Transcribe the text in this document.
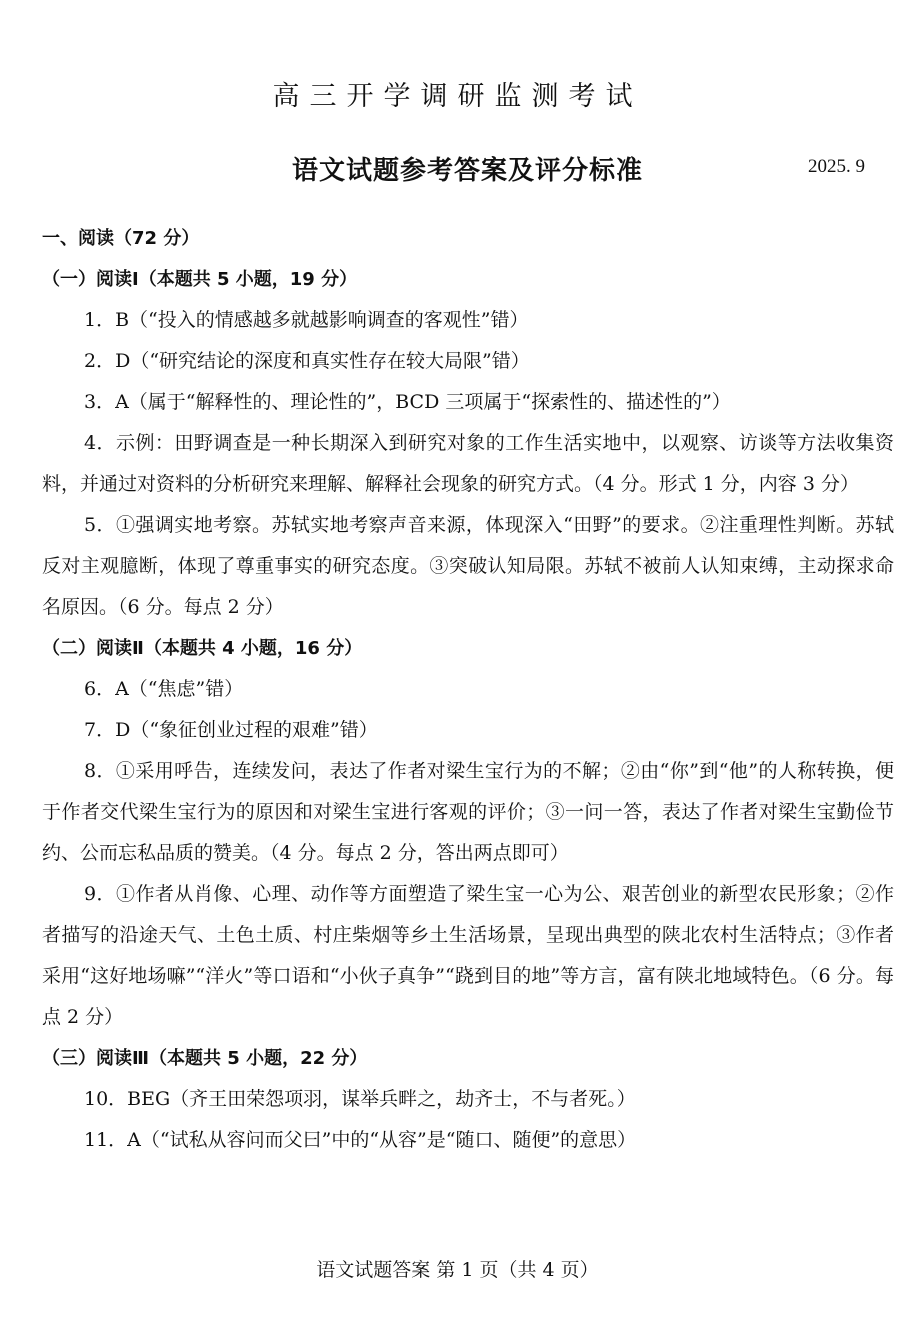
高三开学调研监测考试
语文试题参考答案及评分标准	2025. 9

一、阅读（72 分）

（一）阅读Ⅰ（本题共 5 小题，19 分）

1．B（“投入的情感越多就越影响调查的客观性”错）

2．D（“研究结论的深度和真实性存在较大局限”错）

3．A（属于“解释性的、理论性的”，BCD 三项属于“探索性的、描述性的”）

4．示例：田野调查是一种长期深入到研究对象的工作生活实地中，以观察、访谈等方法收集资料，并通过对资料的分析研究来理解、解释社会现象的研究方式。（4 分。形式 1 分，内容 3 分）

5．①强调实地考察。苏轼实地考察声音来源，体现深入“田野”的要求。②注重理性判断。苏轼反对主观臆断，体现了尊重事实的研究态度。③突破认知局限。苏轼不被前人认知束缚，主动探求命名原因。（6 分。每点 2 分）

（二）阅读Ⅱ（本题共 4 小题，16 分）

6．A（“焦虑”错）

7．D（“象征创业过程的艰难”错）

8．①采用呼告，连续发问，表达了作者对梁生宝行为的不解；②由“你”到“他”的人称转换，便于作者交代梁生宝行为的原因和对梁生宝进行客观的评价；③一问一答，表达了作者对梁生宝勤俭节约、公而忘私品质的赞美。（4 分。每点 2 分，答出两点即可）

9．①作者从肖像、心理、动作等方面塑造了梁生宝一心为公、艰苦创业的新型农民形象；②作者描写的沿途天气、土色土质、村庄柴烟等乡土生活场景，呈现出典型的陕北农村生活特点；③作者采用“这好地场嘛”“洋火”等口语和“小伙子真争”“跷到目的地”等方言，富有陕北地域特色。（6 分。每点 2 分）

（三）阅读Ⅲ（本题共 5 小题，22 分）

10．BEG（齐王田荣怨项羽，谋举兵畔之，劫齐士，不与者死。）

11．A（“试私从容问而父曰”中的“从容”是“随口、随便”的意思）

语文试题答案 第 1 页（共 4 页）
